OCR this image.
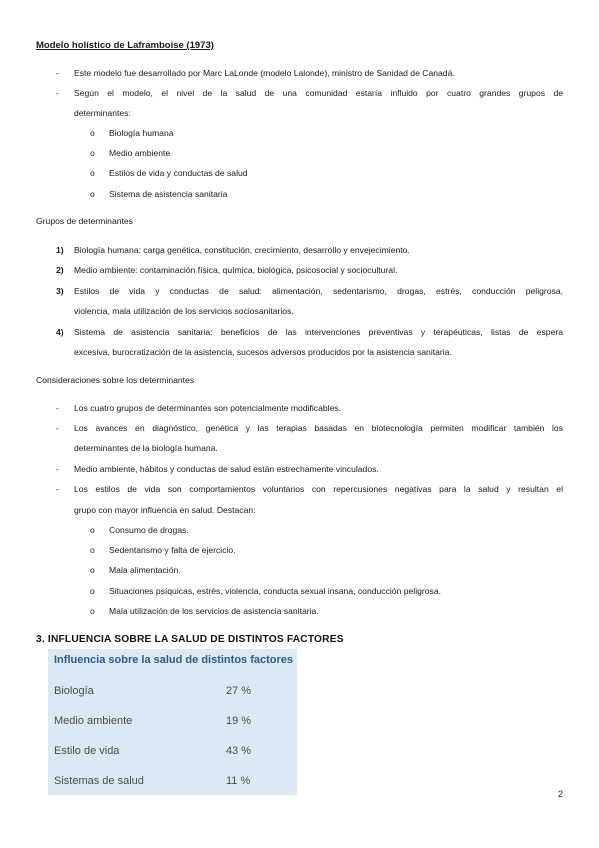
Modelo holístico de Laframboise (1973)
- Este modelo fue desarrollado por Marc LaLonde (modelo Lalonde), ministro de Sanidad de Canadá.
- Según el modelo, el nivel de la salud de una comunidad estaría influido por cuatro grandes grupos de
determinantes:
o Biología humana
o Medio ambiente
o Estilos de vida y conductas de salud
o Sistema de asistencia sanitaria
Grupos de determinantes
1) Biología humana: carga genética, constitución, crecimiento, desarrollo y envejecimiento.
2) Medio ambiente: contaminación física, química, biológica, psicosocial y sociocultural.
3)	Estilos de vida y conductas de salud: alimentación, sedentarismo, drogas, estrés, conducción peligrosa,
violencia, mala utilización de los servicios sociosanitarios.
4)	Sistema de asistencia sanitaria: beneficios de las intervenciones preventivas y terapéuticas, listas de espera
excesiva, burocratización de la asistencia, sucesos adversos producidos por la asistencia sanitaria.
Consideraciones sobre los determinantes
- Los cuatro grupos de determinantes son potencialmente modificables.
- Los avances en diagnóstico, genética y las terapias basadas en biotecnología permiten modificar también los
determinantes de la biología humana.
- Medio ambiente, hábitos y conductas de salud están estrechamente vinculados.
- Los estilos de vida son comportamientos voluntarios con repercusiones negativas para la salud y resultan el
grupo con mayor influencia en salud. Destacan:
o Consumo de drogas.
o Sedentarismo y falta de ejercicio.
o Mala alimentación.
o Situaciones psíquicas, estrés, violencia, conducta sexual insana, conducción peligrosa.
o Mala utilización de los servicios de asistencia sanitaria.
3. INFLUENCIA SOBRE LA SALUD DE DISTINTOS FACTORES
Influencia sobre la salud de distintos factores
Biología	27 %
Medio ambiente	19 %
Estilo de vida	43 %
Sistemas de salud	11 %
2
